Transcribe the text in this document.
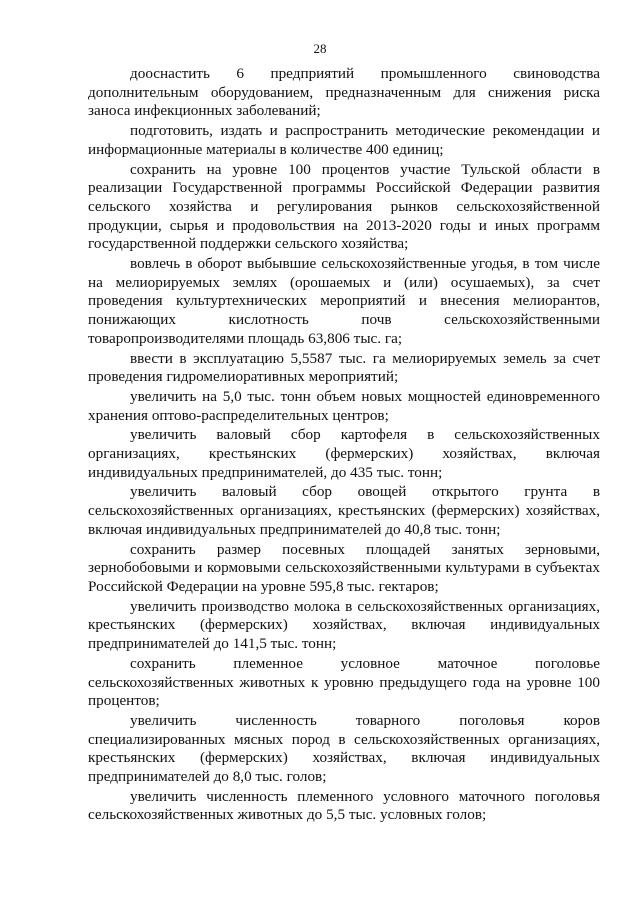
28

дооснастить 6 предприятий промышленного свиноводства дополнительным оборудованием, предназначенным для снижения риска заноса инфекционных заболеваний;

подготовить, издать и распространить методические рекомендации и информационные материалы в количестве 400 единиц;

сохранить на уровне 100 процентов участие Тульской области в реализации Государственной программы Российской Федерации развития сельского хозяйства и регулирования рынков сельскохозяйственной продукции, сырья и продовольствия на 2013-2020 годы и иных программ государственной поддержки сельского хозяйства;

вовлечь в оборот выбывшие сельскохозяйственные угодья, в том числе на мелиорируемых землях (орошаемых и (или) осушаемых), за счет проведения культуртехнических мероприятий и внесения мелиорантов, понижающих кислотность почв сельскохозяйственными товаропроизводителями площадь 63,806 тыс. га;

ввести в эксплуатацию 5,5587 тыс. га мелиорируемых земель за счет проведения гидромелиоративных мероприятий;

увеличить на 5,0 тыс. тонн объем новых мощностей единовременного хранения оптово-распределительных центров;

увеличить валовый сбор картофеля в сельскохозяйственных организациях, крестьянских (фермерских) хозяйствах, включая индивидуальных предпринимателей, до 435 тыс. тонн;

увеличить валовый сбор овощей открытого грунта в сельскохозяйственных организациях, крестьянских (фермерских) хозяйствах, включая индивидуальных предпринимателей до 40,8 тыс. тонн;

сохранить размер посевных площадей занятых зерновыми, зернобобовыми и кормовыми сельскохозяйственными культурами в субъектах Российской Федерации на уровне 595,8 тыс. гектаров;

увеличить производство молока в сельскохозяйственных организациях, крестьянских (фермерских) хозяйствах, включая индивидуальных предпринимателей до 141,5 тыс. тонн;

сохранить племенное условное маточное поголовье сельскохозяйственных животных к уровню предыдущего года на уровне 100 процентов;

увеличить численность товарного поголовья коров специализированных мясных пород в сельскохозяйственных организациях, крестьянских (фермерских) хозяйствах, включая индивидуальных предпринимателей до 8,0 тыс. голов;

увеличить численность племенного условного маточного поголовья сельскохозяйственных животных до 5,5 тыс. условных голов;
